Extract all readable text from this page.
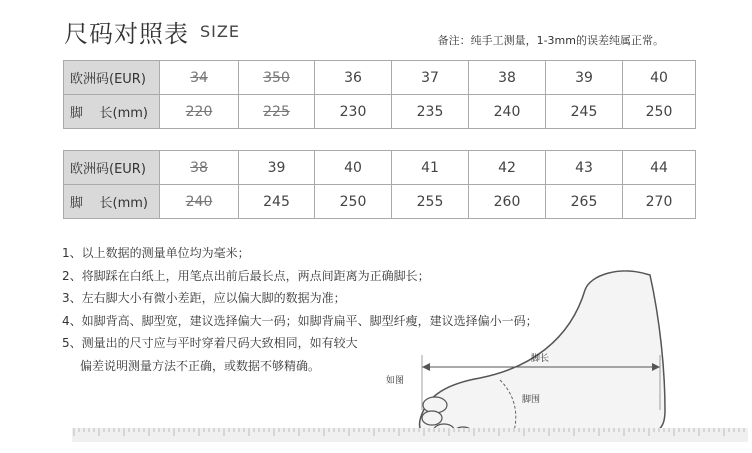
尺码对照表 SIZE	备注：纯手工测量，1-3mm的误差纯属正常。
欧洲码(EUR)	34	350	36	37	38	39	40
脚    长(mm)	220	225	230	235	240	245	250
欧洲码(EUR)	38	39	40	41	42	43	44
脚    长(mm)	240	245	250	255	260	265	270
如图
脚长
脚围
1、以上数据的测量单位均为毫米；
2、将脚踩在白纸上，用笔点出前后最长点，两点间距离为正确脚长；
3、左右脚大小有微小差距，应以偏大脚的数据为准；
4、如脚背高、脚型宽，建议选择偏大一码；如脚背扁平、脚型纤瘦，建议选择偏小一码；
5、测量出的尺寸应与平时穿着尺码大致相同，如有较大
偏差说明测量方法不正确，或数据不够精确。
